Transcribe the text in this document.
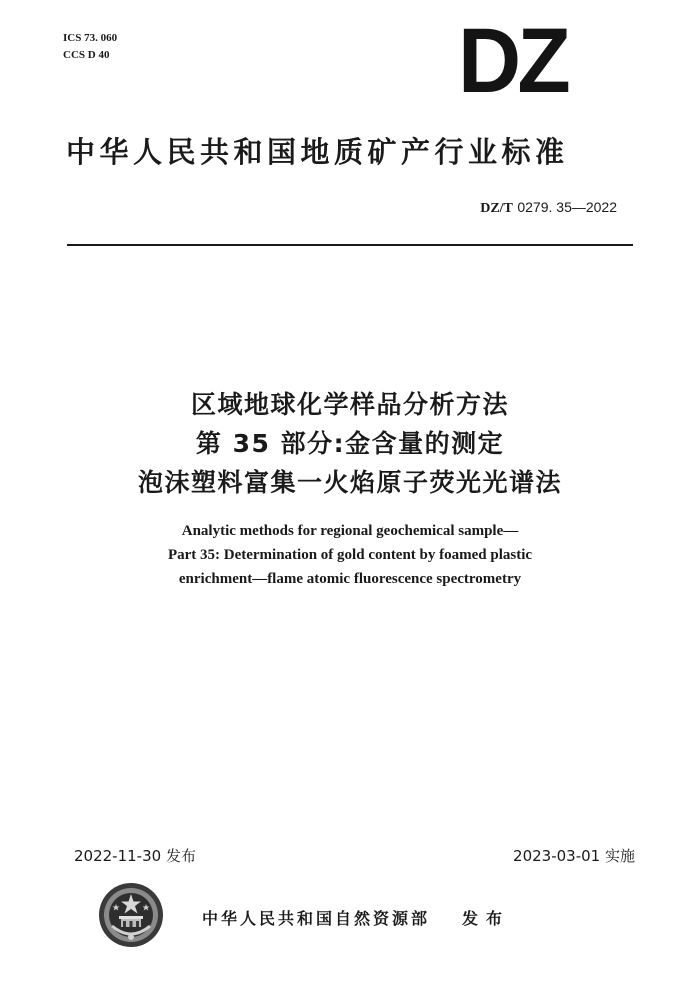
ICS 73. 060
CCS D 40	DZ
中华人民共和国地质矿产行业标准
DZ/T 0279. 35—2022
区域地球化学样品分析方法
第 35 部分:金含量的测定
泡沫塑料富集一火焰原子荧光光谱法
Analytic methods for regional geochemical sample—
Part 35: Determination of gold content by foamed plastic
enrichment—flame atomic fluorescence spectrometry
2022-11-30 发布	2023-03-01 实施
中华人民共和国自然资源部 发布
